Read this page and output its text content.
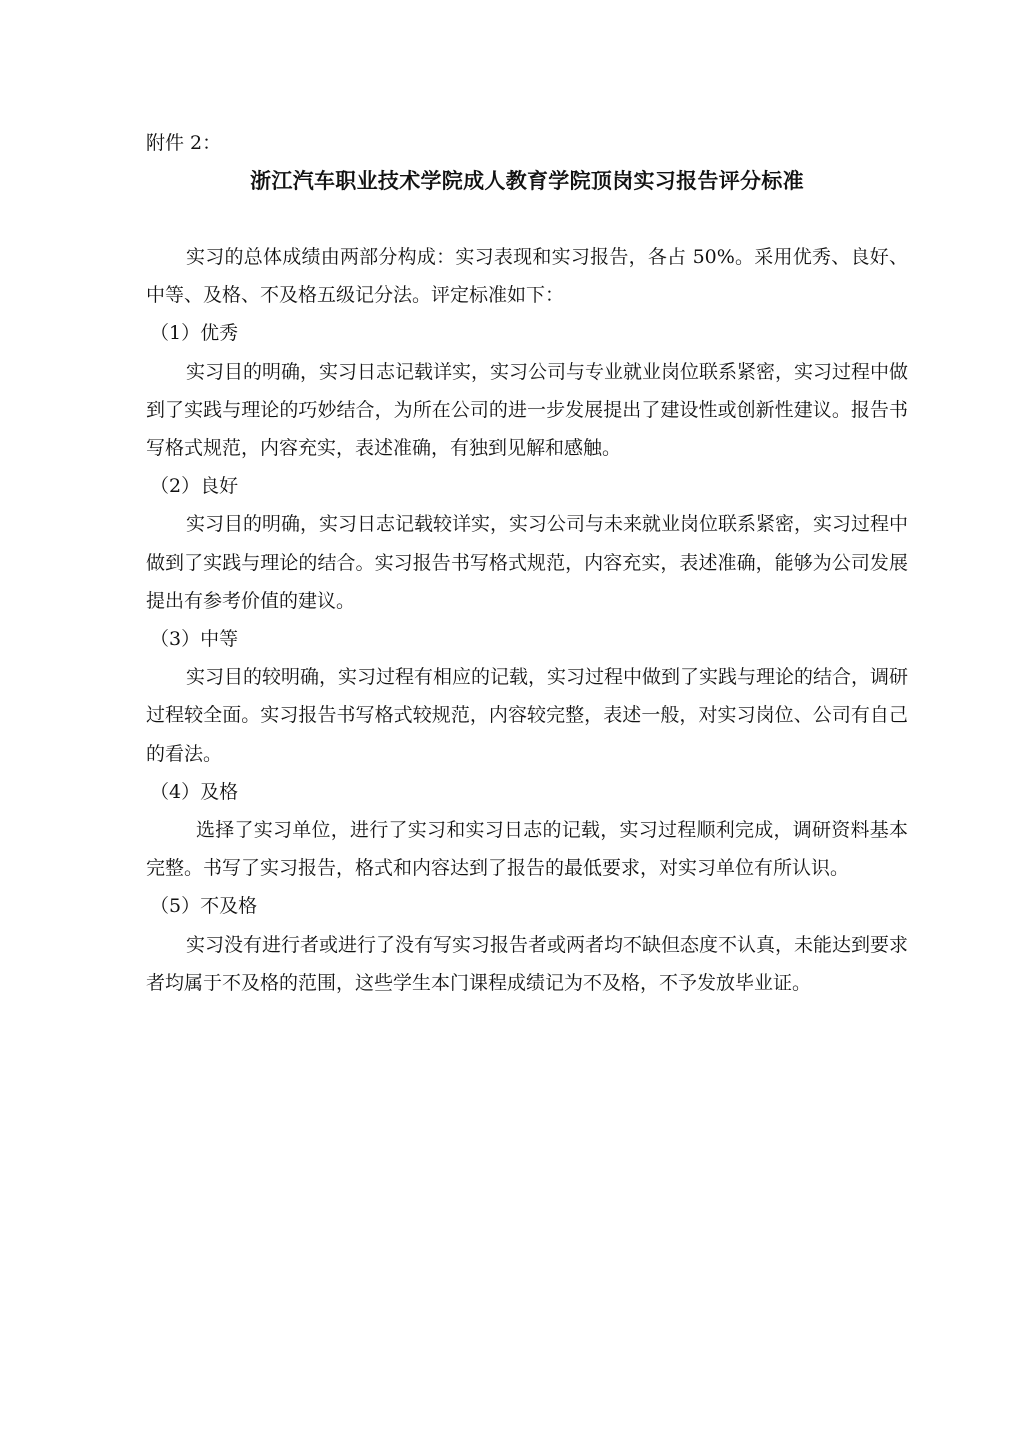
附件 2：
浙江汽车职业技术学院成人教育学院顶岗实习报告评分标准

实习的总体成绩由两部分构成：实习表现和实习报告，各占 50%。采用优秀、良好、中等、及格、不及格五级记分法。评定标准如下：

（1）优秀

实习目的明确，实习日志记载详实，实习公司与专业就业岗位联系紧密，实习过程中做到了实践与理论的巧妙结合，为所在公司的进一步发展提出了建设性或创新性建议。报告书写格式规范，内容充实，表述准确，有独到见解和感触。

（2）良好

实习目的明确，实习日志记载较详实，实习公司与未来就业岗位联系紧密，实习过程中做到了实践与理论的结合。实习报告书写格式规范，内容充实，表述准确，能够为公司发展提出有参考价值的建议。

（3）中等

实习目的较明确，实习过程有相应的记载，实习过程中做到了实践与理论的结合，调研过程较全面。实习报告书写格式较规范，内容较完整，表述一般，对实习岗位、公司有自己的看法。

（4）及格

选择了实习单位，进行了实习和实习日志的记载，实习过程顺利完成，调研资料基本完整。书写了实习报告，格式和内容达到了报告的最低要求，对实习单位有所认识。

（5）不及格

实习没有进行者或进行了没有写实习报告者或两者均不缺但态度不认真，未能达到要求者均属于不及格的范围，这些学生本门课程成绩记为不及格，不予发放毕业证。
